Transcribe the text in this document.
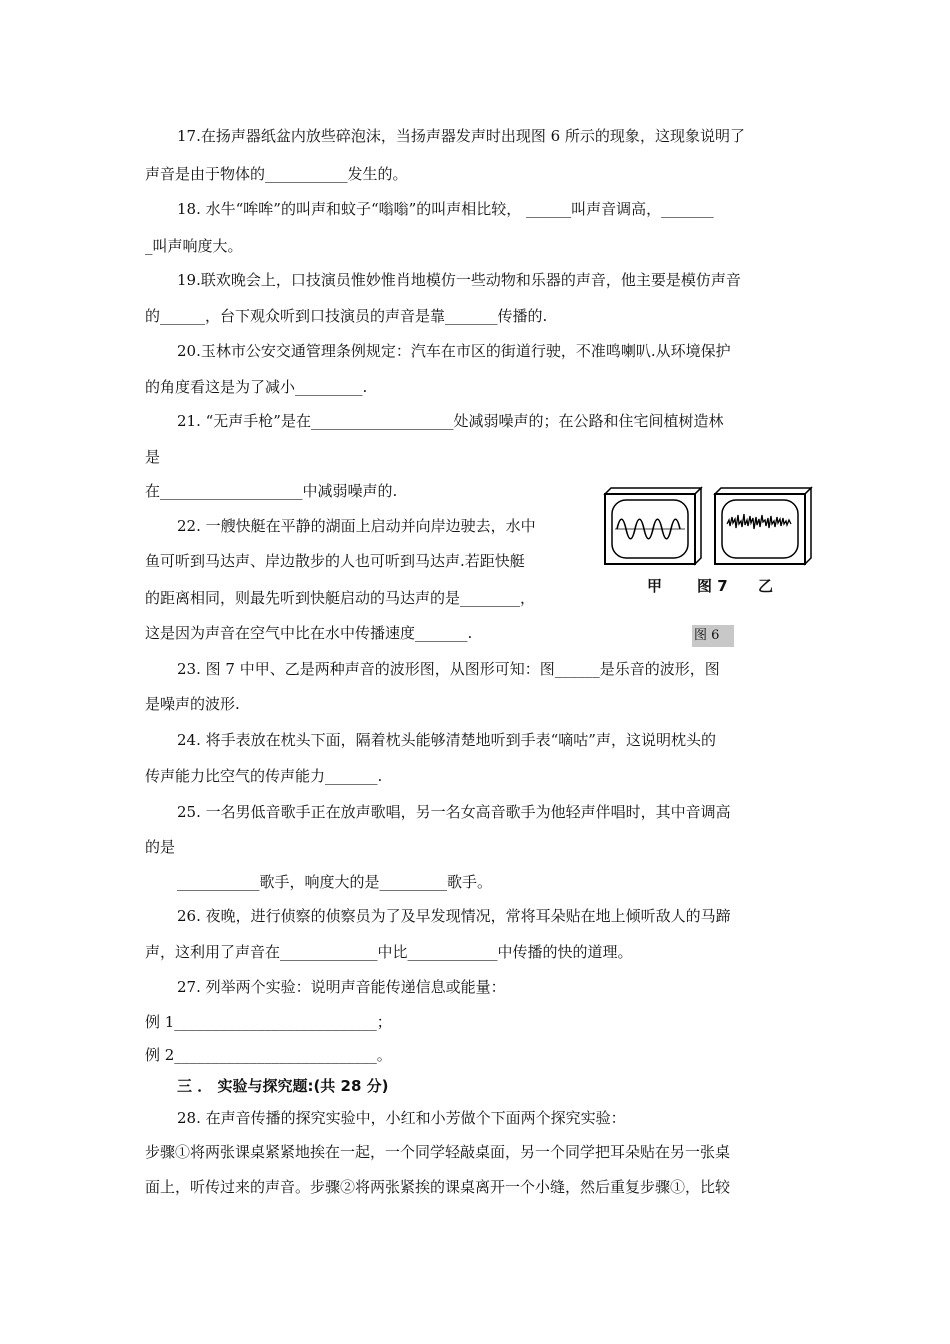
17.在扬声器纸盆内放些碎泡沫，当扬声器发声时出现图 6 所示的现象，这现象说明了
声音是由于物体的___________发生的。
18. 水牛“哞哞”的叫声和蚊子“嗡嗡”的叫声相比较， ______叫声音调高，_______
_叫声响度大。
19.联欢晚会上，口技演员惟妙惟肖地模仿一些动物和乐器的声音，他主要是模仿声音
的______，台下观众听到口技演员的声音是靠_______传播的.
20.玉林市公安交通管理条例规定：汽车在市区的街道行驶，不准鸣喇叭.从环境保护
的角度看这是为了减小_________.
21. “无声手枪”是在___________________处减弱噪声的；在公路和住宅间植树造林
是
在___________________中减弱噪声的.
22. 一艘快艇在平静的湖面上启动并向岸边驶去，水中
鱼可听到马达声、岸边散步的人也可听到马达声.若距快艇
的距离相同，则最先听到快艇启动的马达声的是________，
这是因为声音在空气中比在水中传播速度_______.
23. 图 7 中甲、乙是两种声音的波形图，从图形可知：图______是乐音的波形，图
是噪声的波形.
24. 将手表放在枕头下面，隔着枕头能够清楚地听到手表“嘀咕”声，这说明枕头的
传声能力比空气的传声能力_______.
25. 一名男低音歌手正在放声歌唱，另一名女高音歌手为他轻声伴唱时，其中音调高
的是
___________歌手，响度大的是_________歌手。
26. 夜晚，进行侦察的侦察员为了及早发现情况，常将耳朵贴在地上倾听敌人的马蹄
声，这利用了声音在_____________中比____________中传播的快的道理。
27. 列举两个实验：说明声音能传递信息或能量：
例 1___________________________；
例 2___________________________。
三 ． 实验与探究题:(共 28 分)
28. 在声音传播的探究实验中，小红和小芳做个下面两个探究实验：
步骤①将两张课桌紧紧地挨在一起，一个同学轻敲桌面，另一个同学把耳朵贴在另一张桌
面上，听传过来的声音。步骤②将两张紧挨的课桌离开一个小缝，然后重复步骤①，比较
甲 图 7 乙
图 6
